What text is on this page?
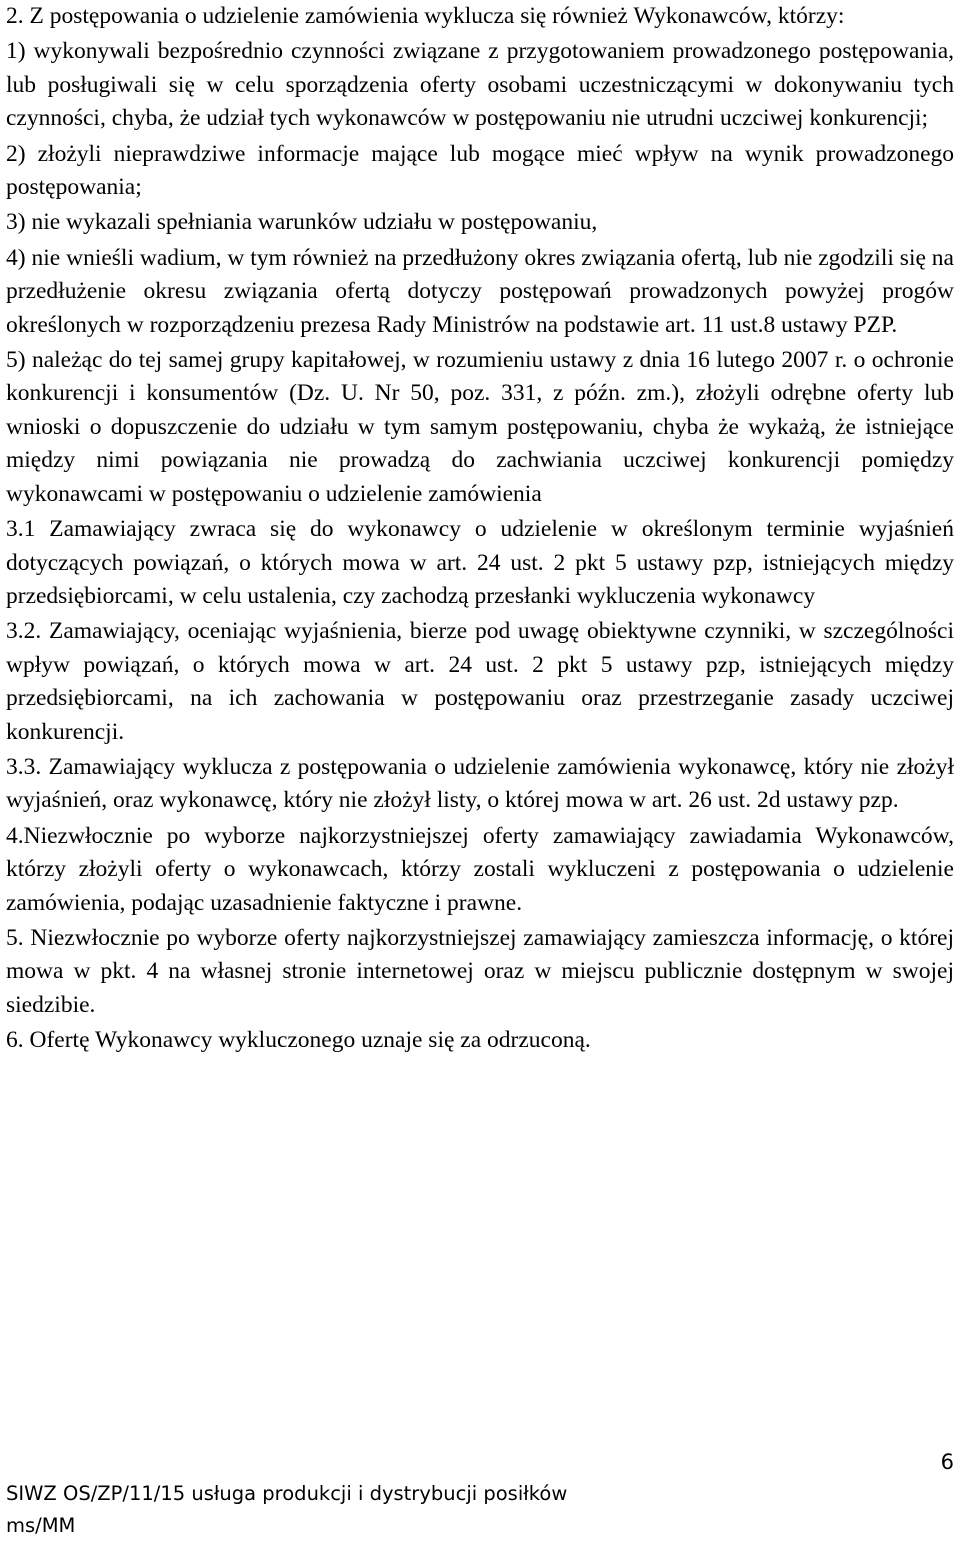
2. Z postępowania o udzielenie zamówienia wyklucza się również Wykonawców, którzy:

1) wykonywali bezpośrednio czynności związane z przygotowaniem prowadzonego postępowania, lub posługiwali się w celu sporządzenia oferty osobami uczestniczącymi w dokonywaniu tych czynności, chyba, że udział tych wykonawców w postępowaniu nie utrudni uczciwej konkurencji;

2) złożyli nieprawdziwe informacje mające lub mogące mieć wpływ na wynik prowadzonego postępowania;

3) nie wykazali spełniania warunków udziału w postępowaniu,

4) nie wnieśli wadium, w tym również na przedłużony okres związania ofertą, lub nie zgodzili się na przedłużenie okresu związania ofertą dotyczy postępowań prowadzonych powyżej progów określonych w rozporządzeniu prezesa Rady Ministrów na podstawie art. 11 ust.8 ustawy PZP.

5) należąc do tej samej grupy kapitałowej, w rozumieniu ustawy z dnia 16 lutego 2007 r. o ochronie konkurencji i konsumentów (Dz. U. Nr 50, poz. 331, z późn. zm.), złożyli odrębne oferty lub wnioski o dopuszczenie do udziału w tym samym postępowaniu, chyba że wykażą, że istniejące między nimi powiązania nie prowadzą do zachwiania uczciwej konkurencji pomiędzy wykonawcami w postępowaniu o udzielenie zamówienia

3.1 Zamawiający zwraca się do wykonawcy o udzielenie w określonym terminie wyjaśnień dotyczących powiązań, o których mowa w art. 24 ust. 2 pkt 5 ustawy pzp, istniejących między przedsiębiorcami, w celu ustalenia, czy zachodzą przesłanki wykluczenia wykonawcy

3.2. Zamawiający, oceniając wyjaśnienia, bierze pod uwagę obiektywne czynniki, w szczególności wpływ powiązań, o których mowa w art. 24 ust. 2 pkt 5 ustawy pzp, istniejących między przedsiębiorcami, na ich zachowania w postępowaniu oraz przestrzeganie zasady uczciwej konkurencji.

3.3. Zamawiający wyklucza z postępowania o udzielenie zamówienia wykonawcę, który nie złożył wyjaśnień, oraz wykonawcę, który nie złożył listy, o której mowa w art. 26 ust. 2d ustawy pzp.

4.Niezwłocznie po wyborze najkorzystniejszej oferty zamawiający zawiadamia Wykonawców, którzy złożyli oferty o wykonawcach, którzy zostali wykluczeni z postępowania o udzielenie zamówienia, podając uzasadnienie faktyczne i prawne.

5. Niezwłocznie po wyborze oferty najkorzystniejszej zamawiający zamieszcza informację, o której mowa w pkt. 4 na własnej stronie internetowej oraz w miejscu publicznie dostępnym w swojej siedzibie.

6. Ofertę Wykonawcy wykluczonego uznaje się za odrzuconą.

6
SIWZ OS/ZP/11/15 usługa produkcji i dystrybucji posiłków
ms/MM
